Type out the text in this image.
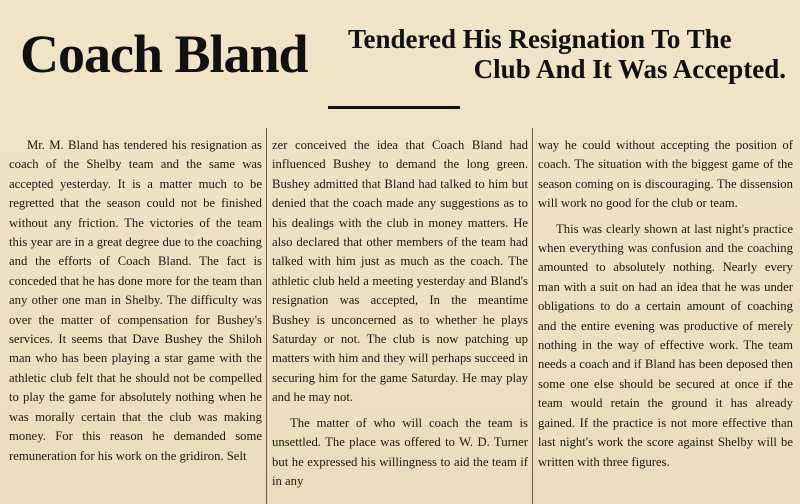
Coach Bland	Tendered His Resignation To The
Club And It Was Accepted.

Mr. M. Bland has tendered his resignation as coach of the Shelby team and the same was accepted yesterday. It is a matter much to be regretted that the season could not be finished without any friction. The victories of the team this year are in a great degree due to the coaching and the efforts of Coach Bland. The fact is conceded that he has done more for the team than any other one man in Shelby. The difficulty was over the matter of compensation for Bushey's services. It seems that Dave Bushey the Shiloh man who has been playing a star game with the athletic club felt that he should not be compelled to play the game for absolutely nothing when he was morally certain that the club was making money. For this reason he demanded some remuneration for his work on the gridiron. Selt

zer conceived the idea that Coach Bland had influenced Bushey to demand the long green. Bushey admitted that Bland had talked to him but denied that the coach made any suggestions as to his dealings with the club in money matters. He also declared that other members of the team had talked with him just as much as the coach. The athletic club held a meeting yesterday and Bland's resignation was accepted, In the meantime Bushey is unconcerned as to whether he plays Saturday or not. The club is now patching up matters with him and they will perhaps succeed in securing him for the game Saturday. He may play and he may not.

The matter of who will coach the team is unsettled. The place was offered to W. D. Turner but he expressed his willingness to aid the team if in any

way he could without accepting the position of coach. The situation with the biggest game of the season coming on is discouraging. The dissension will work no good for the club or team.

This was clearly shown at last night's practice when everything was confusion and the coaching amounted to absolutely nothing. Nearly every man with a suit on had an idea that he was under obligations to do a certain amount of coaching and the entire evening was productive of merely nothing in the way of effective work. The team needs a coach and if Bland has been deposed then some one else should be secured at once if the team would retain the ground it has already gained. If the practice is not more effective than last night's work the score against Shelby will be written with three figures.
